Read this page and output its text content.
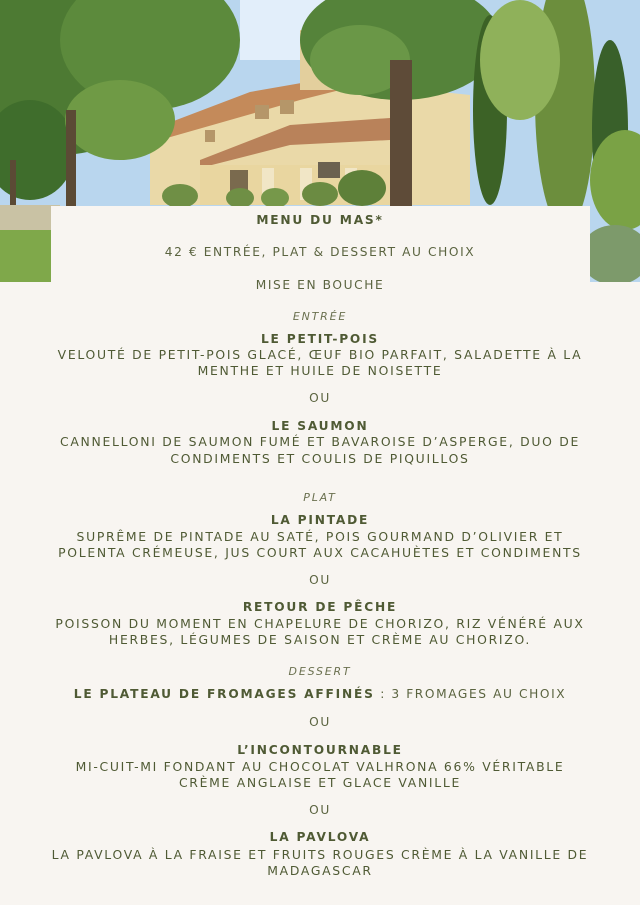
MENU DU MAS*
42 € ENTRÉE, PLAT & DESSERT AU CHOIX
MISE EN BOUCHE
ENTRÉE
LE PETIT-POIS
VELOUTÉ DE PETIT-POIS GLACÉ, ŒUF BIO PARFAIT, SALADETTE À LA
MENTHE ET HUILE DE NOISETTE
OU
LE SAUMON
CANNELLONI DE SAUMON FUMÉ ET BAVAROISE D’ASPERGE, DUO DE
CONDIMENTS ET COULIS DE PIQUILLOS
PLAT
LA PINTADE
SUPRÊME DE PINTADE AU SATÉ, POIS GOURMAND D’OLIVIER ET
POLENTA CRÉMEUSE, JUS COURT AUX CACAHUÈTES ET CONDIMENTS
OU
RETOUR DE PÊCHE
POISSON DU MOMENT EN CHAPELURE DE CHORIZO, RIZ VÉNÉRÉ AUX
HERBES, LÉGUMES DE SAISON ET CRÈME AU CHORIZO.
DESSERT
LE PLATEAU DE FROMAGES AFFINÉS : 3 FROMAGES AU CHOIX
OU
L’INCONTOURNABLE
MI-CUIT-MI FONDANT AU CHOCOLAT VALHRONA 66% VÉRITABLE
CRÈME ANGLAISE ET GLACE VANILLE
OU
LA PAVLOVA
LA PAVLOVA À LA FRAISE ET FRUITS ROUGES CRÈME À LA VANILLE DE
MADAGASCAR
